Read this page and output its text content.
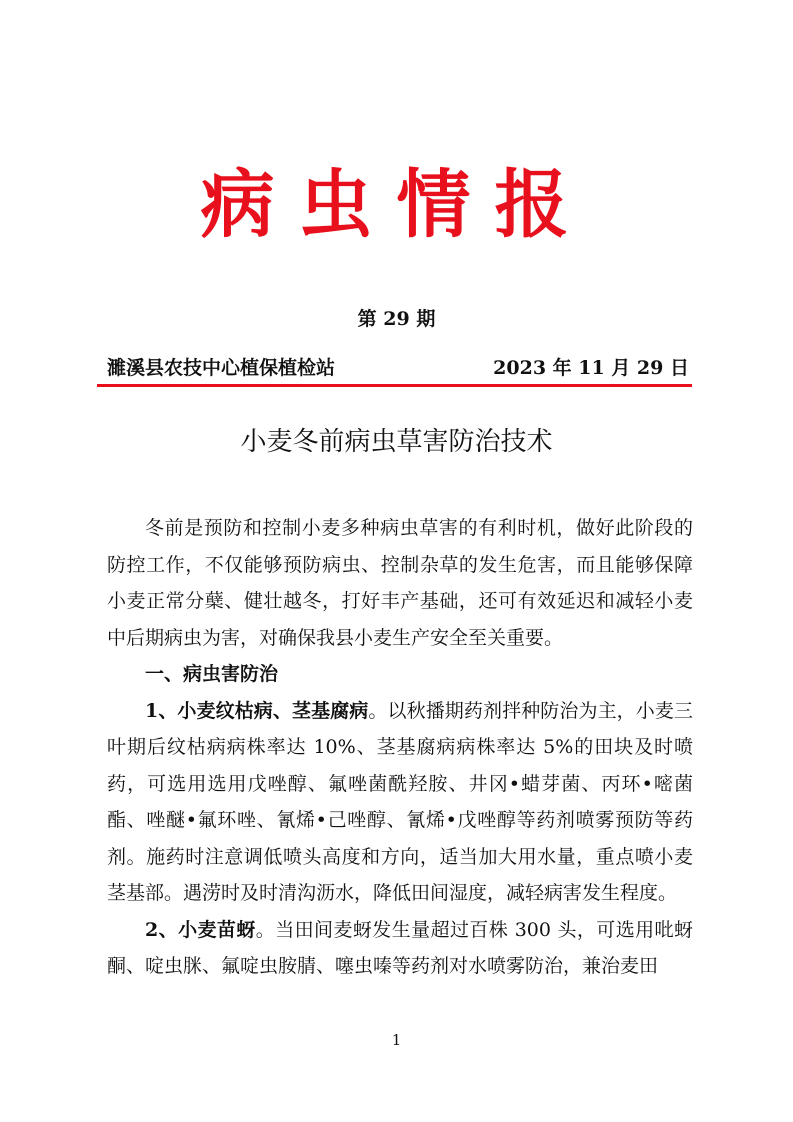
病虫情报
第 29 期
濉溪县农技中心植保植检站	2023 年 11 月 29 日
小麦冬前病虫草害防治技术

冬前是预防和控制小麦多种病虫草害的有利时机，做好此阶段的防控工作，不仅能够预防病虫、控制杂草的发生危害，而且能够保障小麦正常分蘖、健壮越冬，打好丰产基础，还可有效延迟和减轻小麦中后期病虫为害，对确保我县小麦生产安全至关重要。

一、病虫害防治

1、小麦纹枯病、茎基腐病。以秋播期药剂拌种防治为主，小麦三叶期后纹枯病病株率达 10%、茎基腐病病株率达 5%的田块及时喷药，可选用选用戊唑醇、氟唑菌酰羟胺、井冈•蜡芽菌、丙环•嘧菌酯、唑醚•氟环唑、氰烯•己唑醇、氰烯•戊唑醇等药剂喷雾预防等药剂。施药时注意调低喷头高度和方向，适当加大用水量，重点喷小麦茎基部。遇涝时及时清沟沥水，降低田间湿度，减轻病害发生程度。

2、小麦苗蚜。当田间麦蚜发生量超过百株 300 头，可选用吡蚜酮、啶虫脒、氟啶虫胺腈、噻虫嗪等药剂对水喷雾防治，兼治麦田

1
